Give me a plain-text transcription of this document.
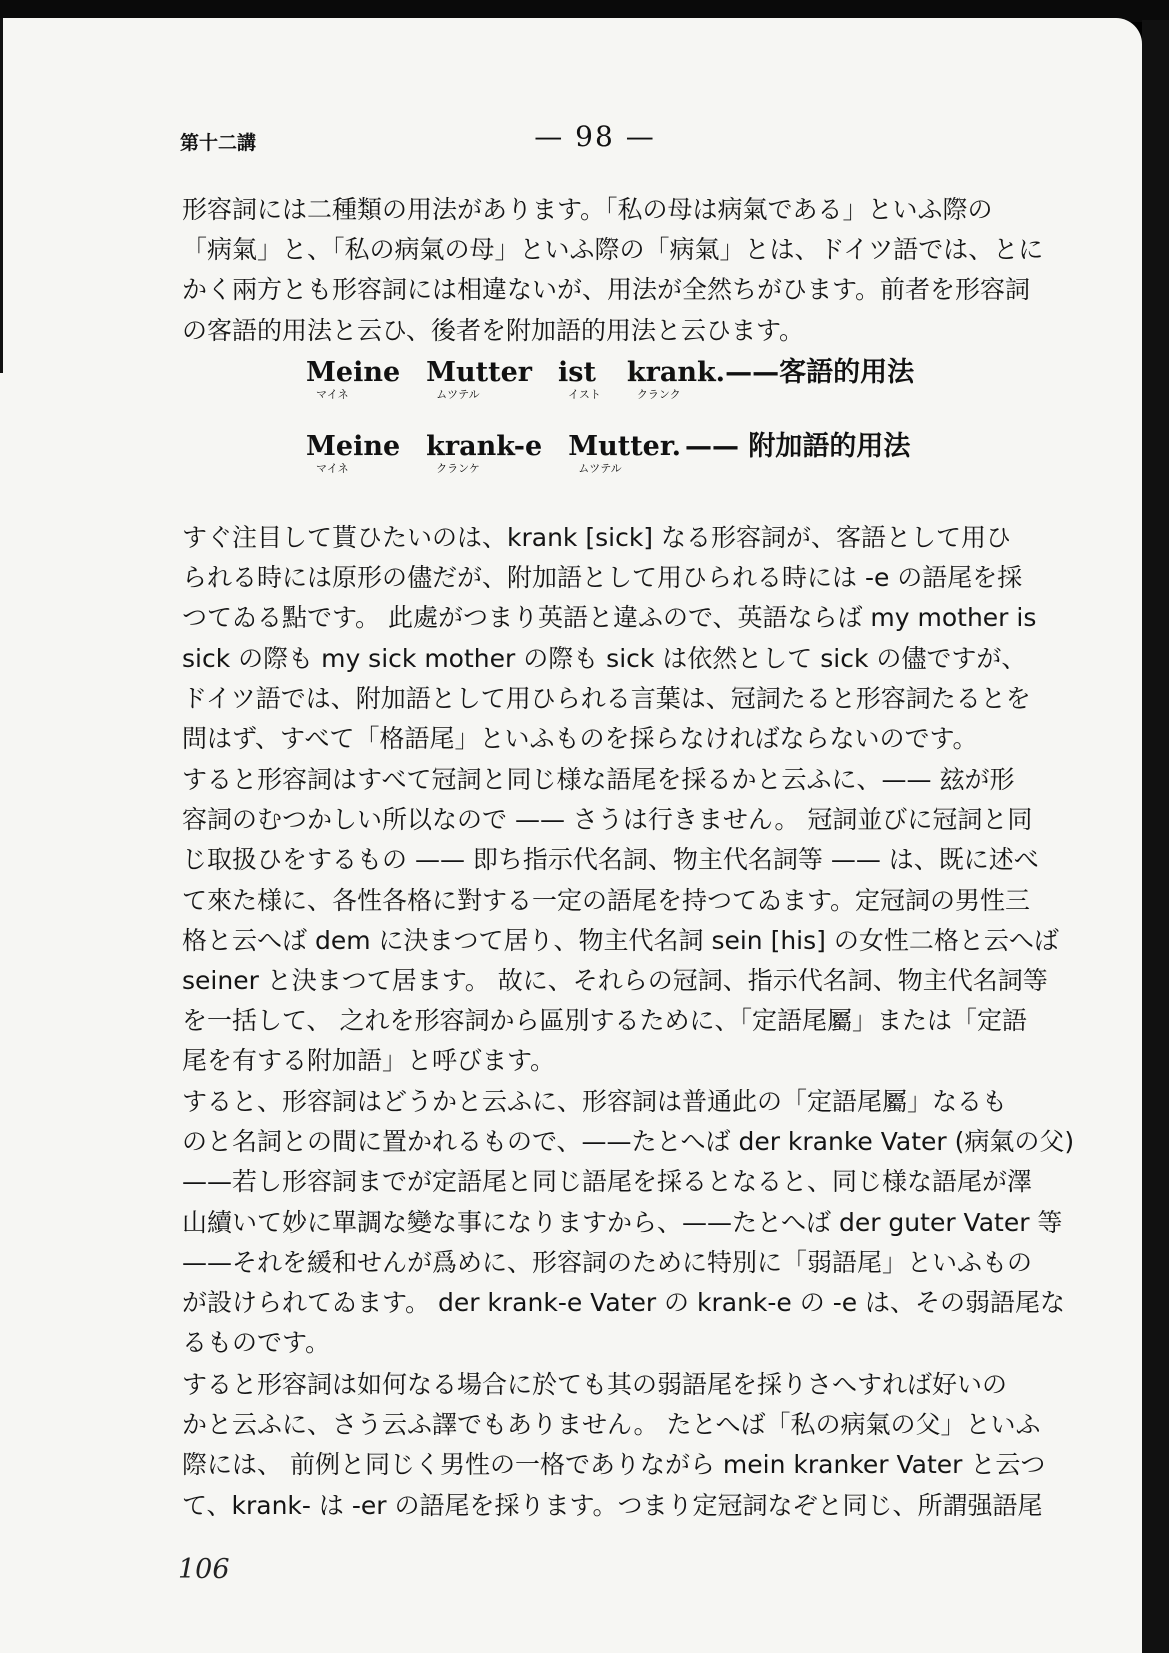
第十二講	— 98 —
形容詞には二種類の用法があります。「私の母は病氣である」といふ際の
「病氣」と、「私の病氣の母」といふ際の「病氣」とは、ドイツ語では、とに
かく兩方とも形容詞には相違ないが、用法が全然ちがひます。前者を形容詞
の客語的用法と云ひ、後者を附加語的用法と云ひます。
Meine
マイネ
Mutter
ムツテル
ist
イスト
krank.
クランク
——客語的用法
Meine
マイネ
krank-e
クランケ
Mutter.
ムツテル
—— 附加語的用法
すぐ注目して貰ひたいのは、krank [sick] なる形容詞が、客語として用ひ
られる時には原形の儘だが、附加語として用ひられる時には -e の語尾を採
つてゐる點です。 此處がつまり英語と違ふので、英語ならば my mother is
sick の際も my sick mother の際も sick は依然として sick の儘ですが、
ドイツ語では、附加語として用ひられる言葉は、冠詞たると形容詞たるとを
問はず、すべて「格語尾」といふものを採らなければならないのです。
すると形容詞はすべて冠詞と同じ様な語尾を採るかと云ふに、—— 玆が形
容詞のむつかしい所以なので —— さうは行きません。 冠詞並びに冠詞と同
じ取扱ひをするもの —— 即ち指示代名詞、物主代名詞等 —— は、既に述べ
て來た様に、各性各格に對する一定の語尾を持つてゐます。定冠詞の男性三
格と云へば dem に決まつて居り、物主代名詞 sein [his] の女性二格と云へば
seiner と決まつて居ます。 故に、それらの冠詞、指示代名詞、物主代名詞等
を一括して、 之れを形容詞から區別するために、「定語尾屬」または「定語
尾を有する附加語」と呼びます。
すると、形容詞はどうかと云ふに、形容詞は普通此の「定語尾屬」なるも
のと名詞との間に置かれるもので、——たとへば der kranke Vater (病氣の父)
——若し形容詞までが定語尾と同じ語尾を採るとなると、同じ様な語尾が澤
山續いて妙に單調な變な事になりますから、——たとへば der guter Vater 等
——それを緩和せんが爲めに、形容詞のために特別に「弱語尾」といふもの
が設けられてゐます。 der krank-e Vater の krank-e の -e は、その弱語尾な
るものです。
すると形容詞は如何なる場合に於ても其の弱語尾を採りさへすれば好いの
かと云ふに、さう云ふ譯でもありません。 たとへば「私の病氣の父」といふ
際には、 前例と同じく男性の一格でありながら mein kranker Vater と云つ
て、krank- は -er の語尾を採ります。つまり定冠詞なぞと同じ、所謂强語尾
106
